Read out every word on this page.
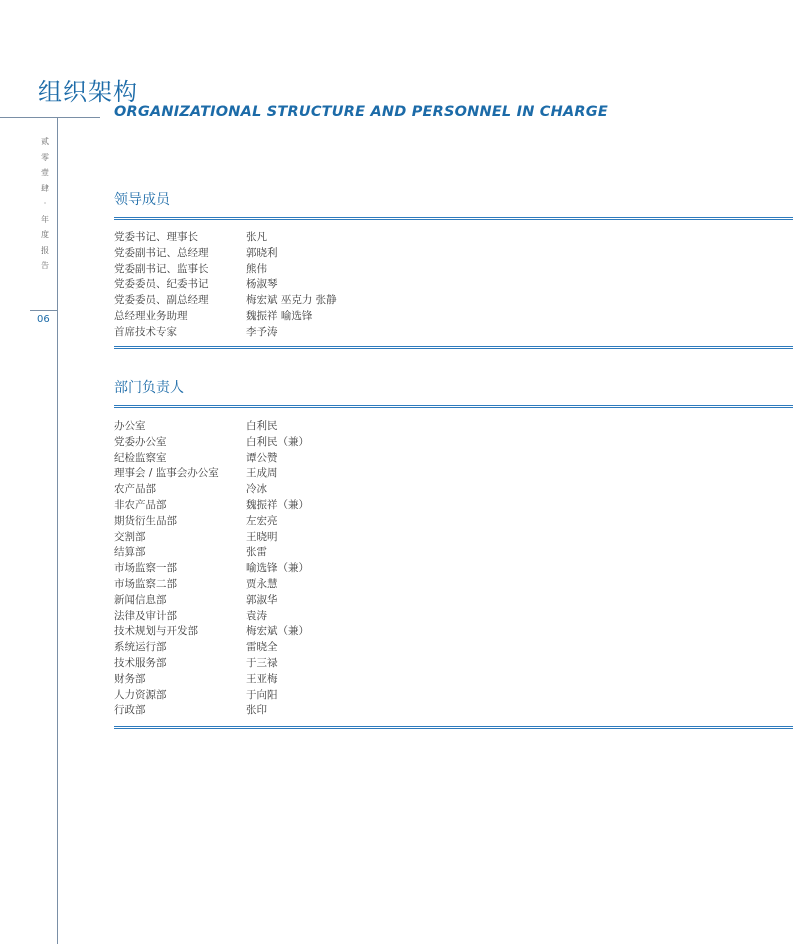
组织架构
ORGANIZATIONAL STRUCTURE AND PERSONNEL IN CHARGE
贰
零
壹
肆
·
年
度
报
告
06
领导成员
党委书记、理事长	张凡
党委副书记、总经理	郭晓利
党委副书记、监事长	熊伟
党委委员、纪委书记	杨淑琴
党委委员、副总经理	梅宏斌 巫克力 张静
总经理业务助理	魏振祥 喻选锋
首席技术专家	李予涛
部门负责人
办公室	白利民
党委办公室	白利民（兼）
纪检监察室	谭公赞
理事会 / 监事会办公室	王成周
农产品部	冷冰
非农产品部	魏振祥（兼）
期货衍生品部	左宏亮
交割部	王晓明
结算部	张雷
市场监察一部	喻选锋（兼）
市场监察二部	贾永慧
新闻信息部	郭淑华
法律及审计部	袁涛
技术规划与开发部	梅宏斌（兼）
系统运行部	雷晓全
技术服务部	于三禄
财务部	王亚梅
人力资源部	于向阳
行政部	张印
